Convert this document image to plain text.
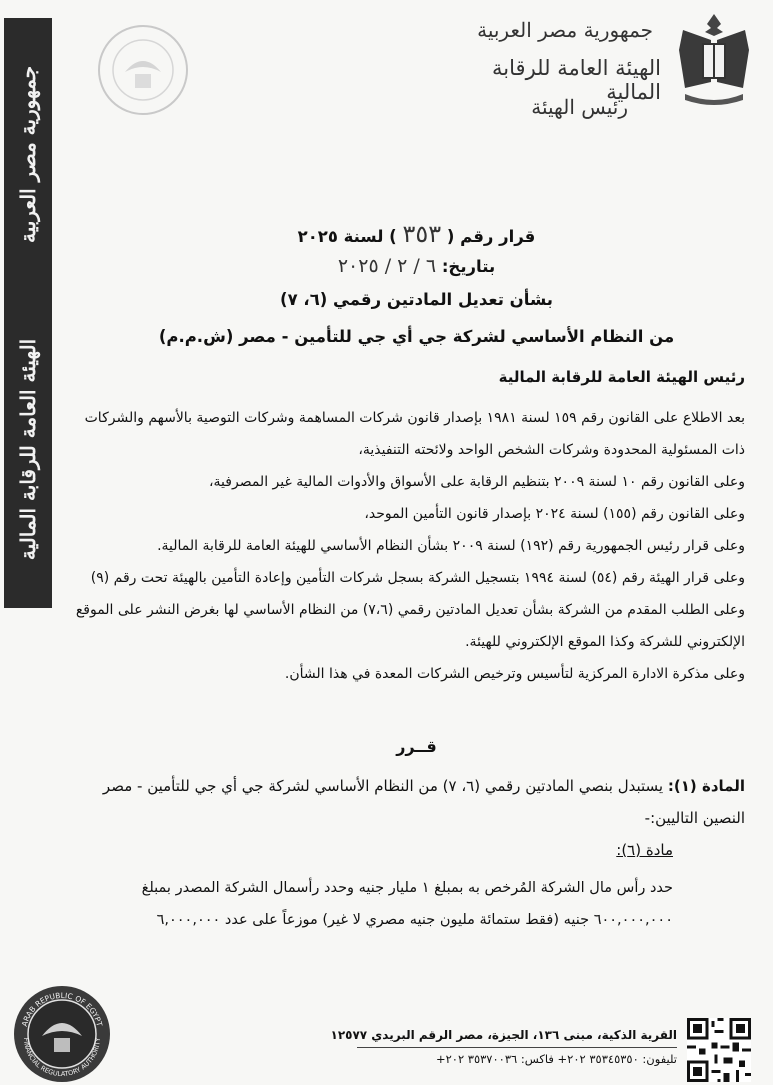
جمهورية مصر العربية
الهيئة العامة للرقابة المالية
جمهورية مصر العربية
الهيئة العامة للرقابة المالية
رئيس الهيئة
قرار رقم ( ٣٥٣ ) لسنة ٢٠٢٥
بتاريخ: ٦ / ٢ / ٢٠٢٥
بشأن تعديل المادتين رقمي (٦، ٧)
من النظام الأساسي لشركة جي أي جي للتأمين - مصر (ش.م.م)
رئيس الهيئة العامة للرقابة المالية
بعد الاطلاع على القانون رقم ١٥٩ لسنة ١٩٨١ بإصدار قانون شركات المساهمة وشركات التوصية بالأسهم والشركات ذات المسئولية المحدودة وشركات الشخص الواحد ولائحته التنفيذية،
وعلى القانون رقم ١٠ لسنة ٢٠٠٩ بتنظيم الرقابة على الأسواق والأدوات المالية غير المصرفية،
وعلى القانون رقم (١٥٥) لسنة ٢٠٢٤ بإصدار قانون التأمين الموحد،
وعلى قرار رئيس الجمهورية رقم (١٩٢) لسنة ٢٠٠٩ بشأن النظام الأساسي للهيئة العامة للرقابة المالية.
وعلى قرار الهيئة رقم (٥٤) لسنة ١٩٩٤ بتسجيل الشركة بسجل شركات التأمين وإعادة التأمين بالهيئة تحت رقم (٩)
وعلى الطلب المقدم من الشركة بشأن تعديل المادتين رقمي (٧،٦) من النظام الأساسي لها بغرض النشر على الموقع الإلكتروني للشركة وكذا الموقع الإلكتروني للهيئة.
وعلى مذكرة الادارة المركزية لتأسيس وترخيص الشركات المعدة في هذا الشأن.
قــرر
المادة (١): يستبدل بنصي المادتين رقمي (٦، ٧) من النظام الأساسي لشركة جي أي جي للتأمين - مصر النصين التاليين:-
مادة (٦):
حدد رأس مال الشركة المُرخص به بمبلغ ١ مليار جنيه وحدد رأسمال الشركة المصدر بمبلغ ٦٠٠,٠٠٠,٠٠٠ جنيه (فقط ستمائة مليون جنيه مصري لا غير) موزعاً على عدد ٦,٠٠٠,٠٠٠
ARAB REPUBLIC OF EGYPT
FINANCIAL REGULATORY AUTHORITY	القرية الذكية، مبنى ١٣٦، الجيزة، مصر الرقم البريدي ١٢٥٧٧
تليفون: ٣٥٣٤٥٣٥٠ ٢٠٢+ فاكس: ٣٥٣٧٠٠٣٦ ٢٠٢+
